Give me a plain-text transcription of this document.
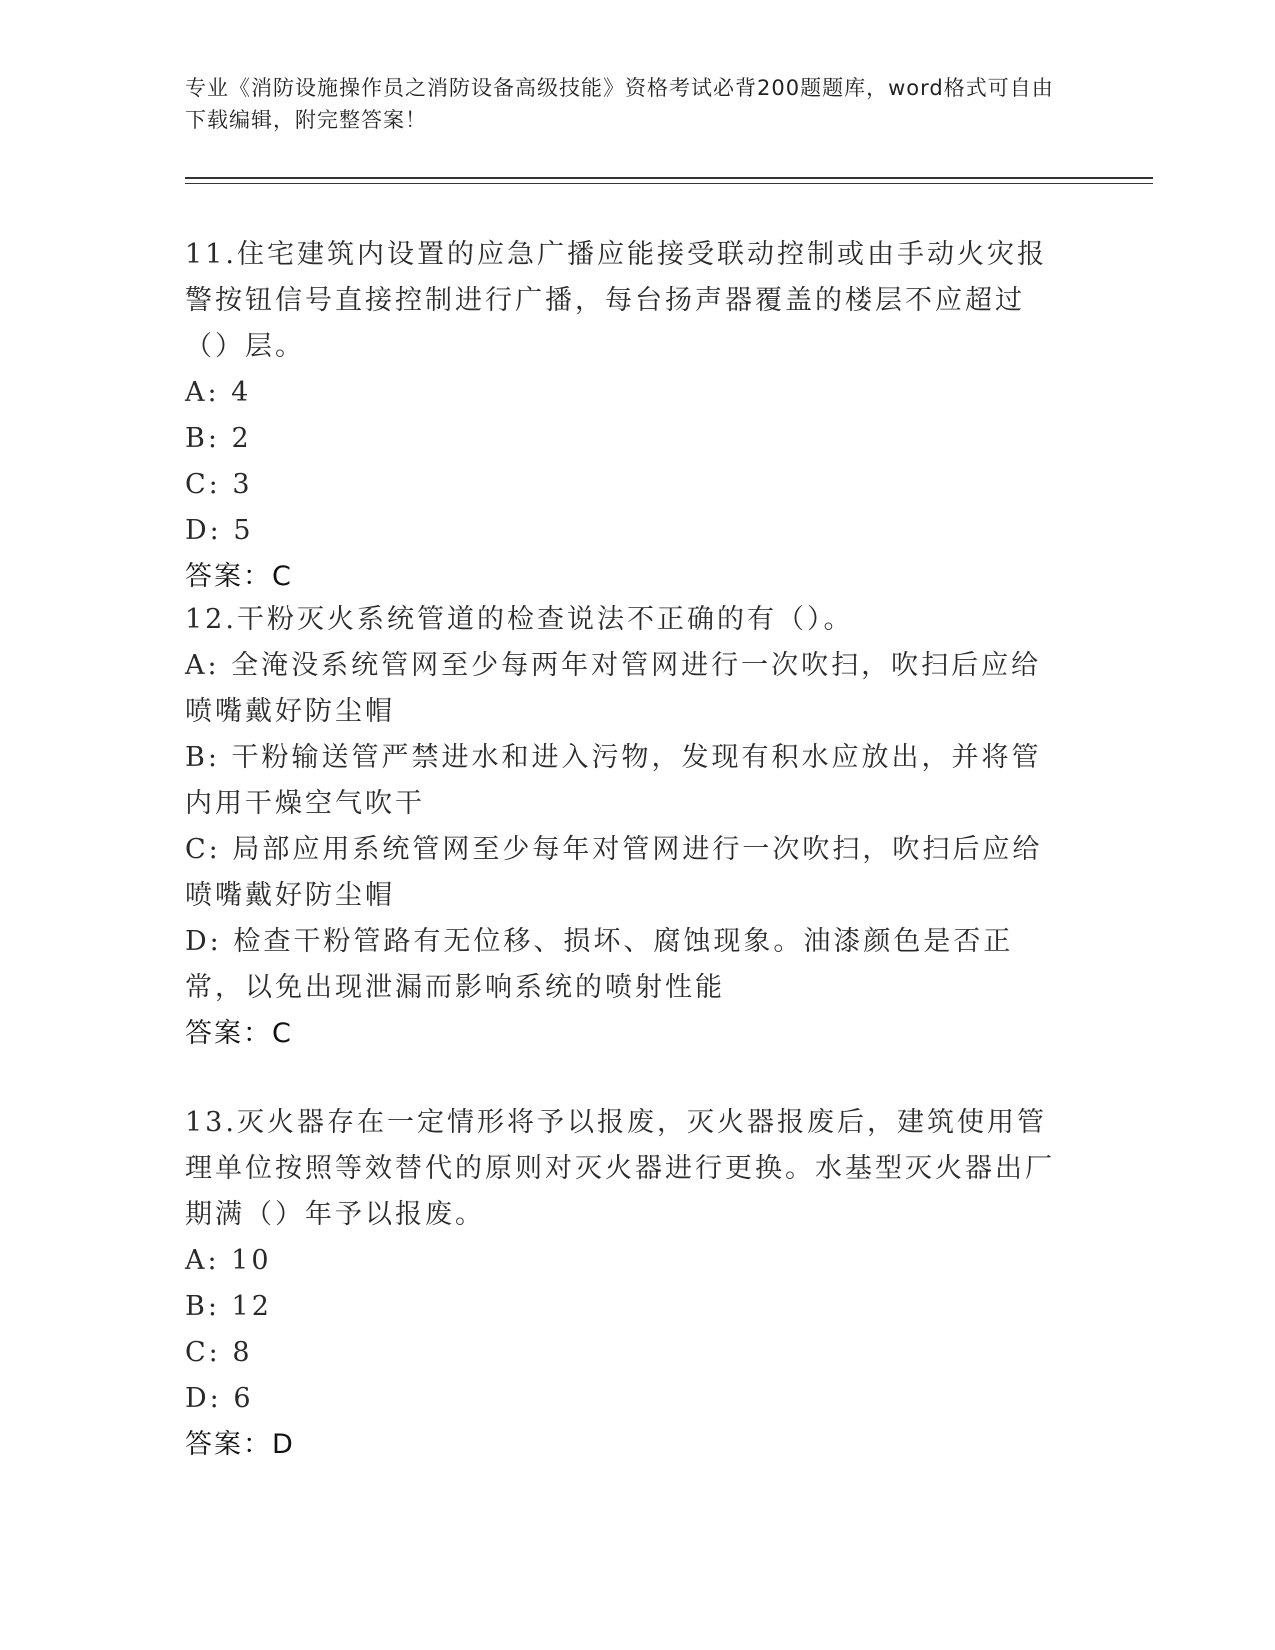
专业《消防设施操作员之消防设备高级技能》资格考试必背200题题库，word格式可自由下载编辑，附完整答案！

11.住宅建筑内设置的应急广播应能接受联动控制或由手动火灾报警按钮信号直接控制进行广播，每台扬声器覆盖的楼层不应超过（）层。

A: 4

B: 2

C: 3

D: 5

答案：C

12.干粉灭火系统管道的检查说法不正确的有（）。

A: 全淹没系统管网至少每两年对管网进行一次吹扫，吹扫后应给喷嘴戴好防尘帽

B: 干粉输送管严禁进水和进入污物，发现有积水应放出，并将管内用干燥空气吹干

C: 局部应用系统管网至少每年对管网进行一次吹扫，吹扫后应给喷嘴戴好防尘帽

D: 检查干粉管路有无位移、损坏、腐蚀现象。油漆颜色是否正常，以免出现泄漏而影响系统的喷射性能

答案：C

13.灭火器存在一定情形将予以报废，灭火器报废后，建筑使用管理单位按照等效替代的原则对灭火器进行更换。水基型灭火器出厂期满（）年予以报废。

A: 10

B: 12

C: 8

D: 6

答案：D
